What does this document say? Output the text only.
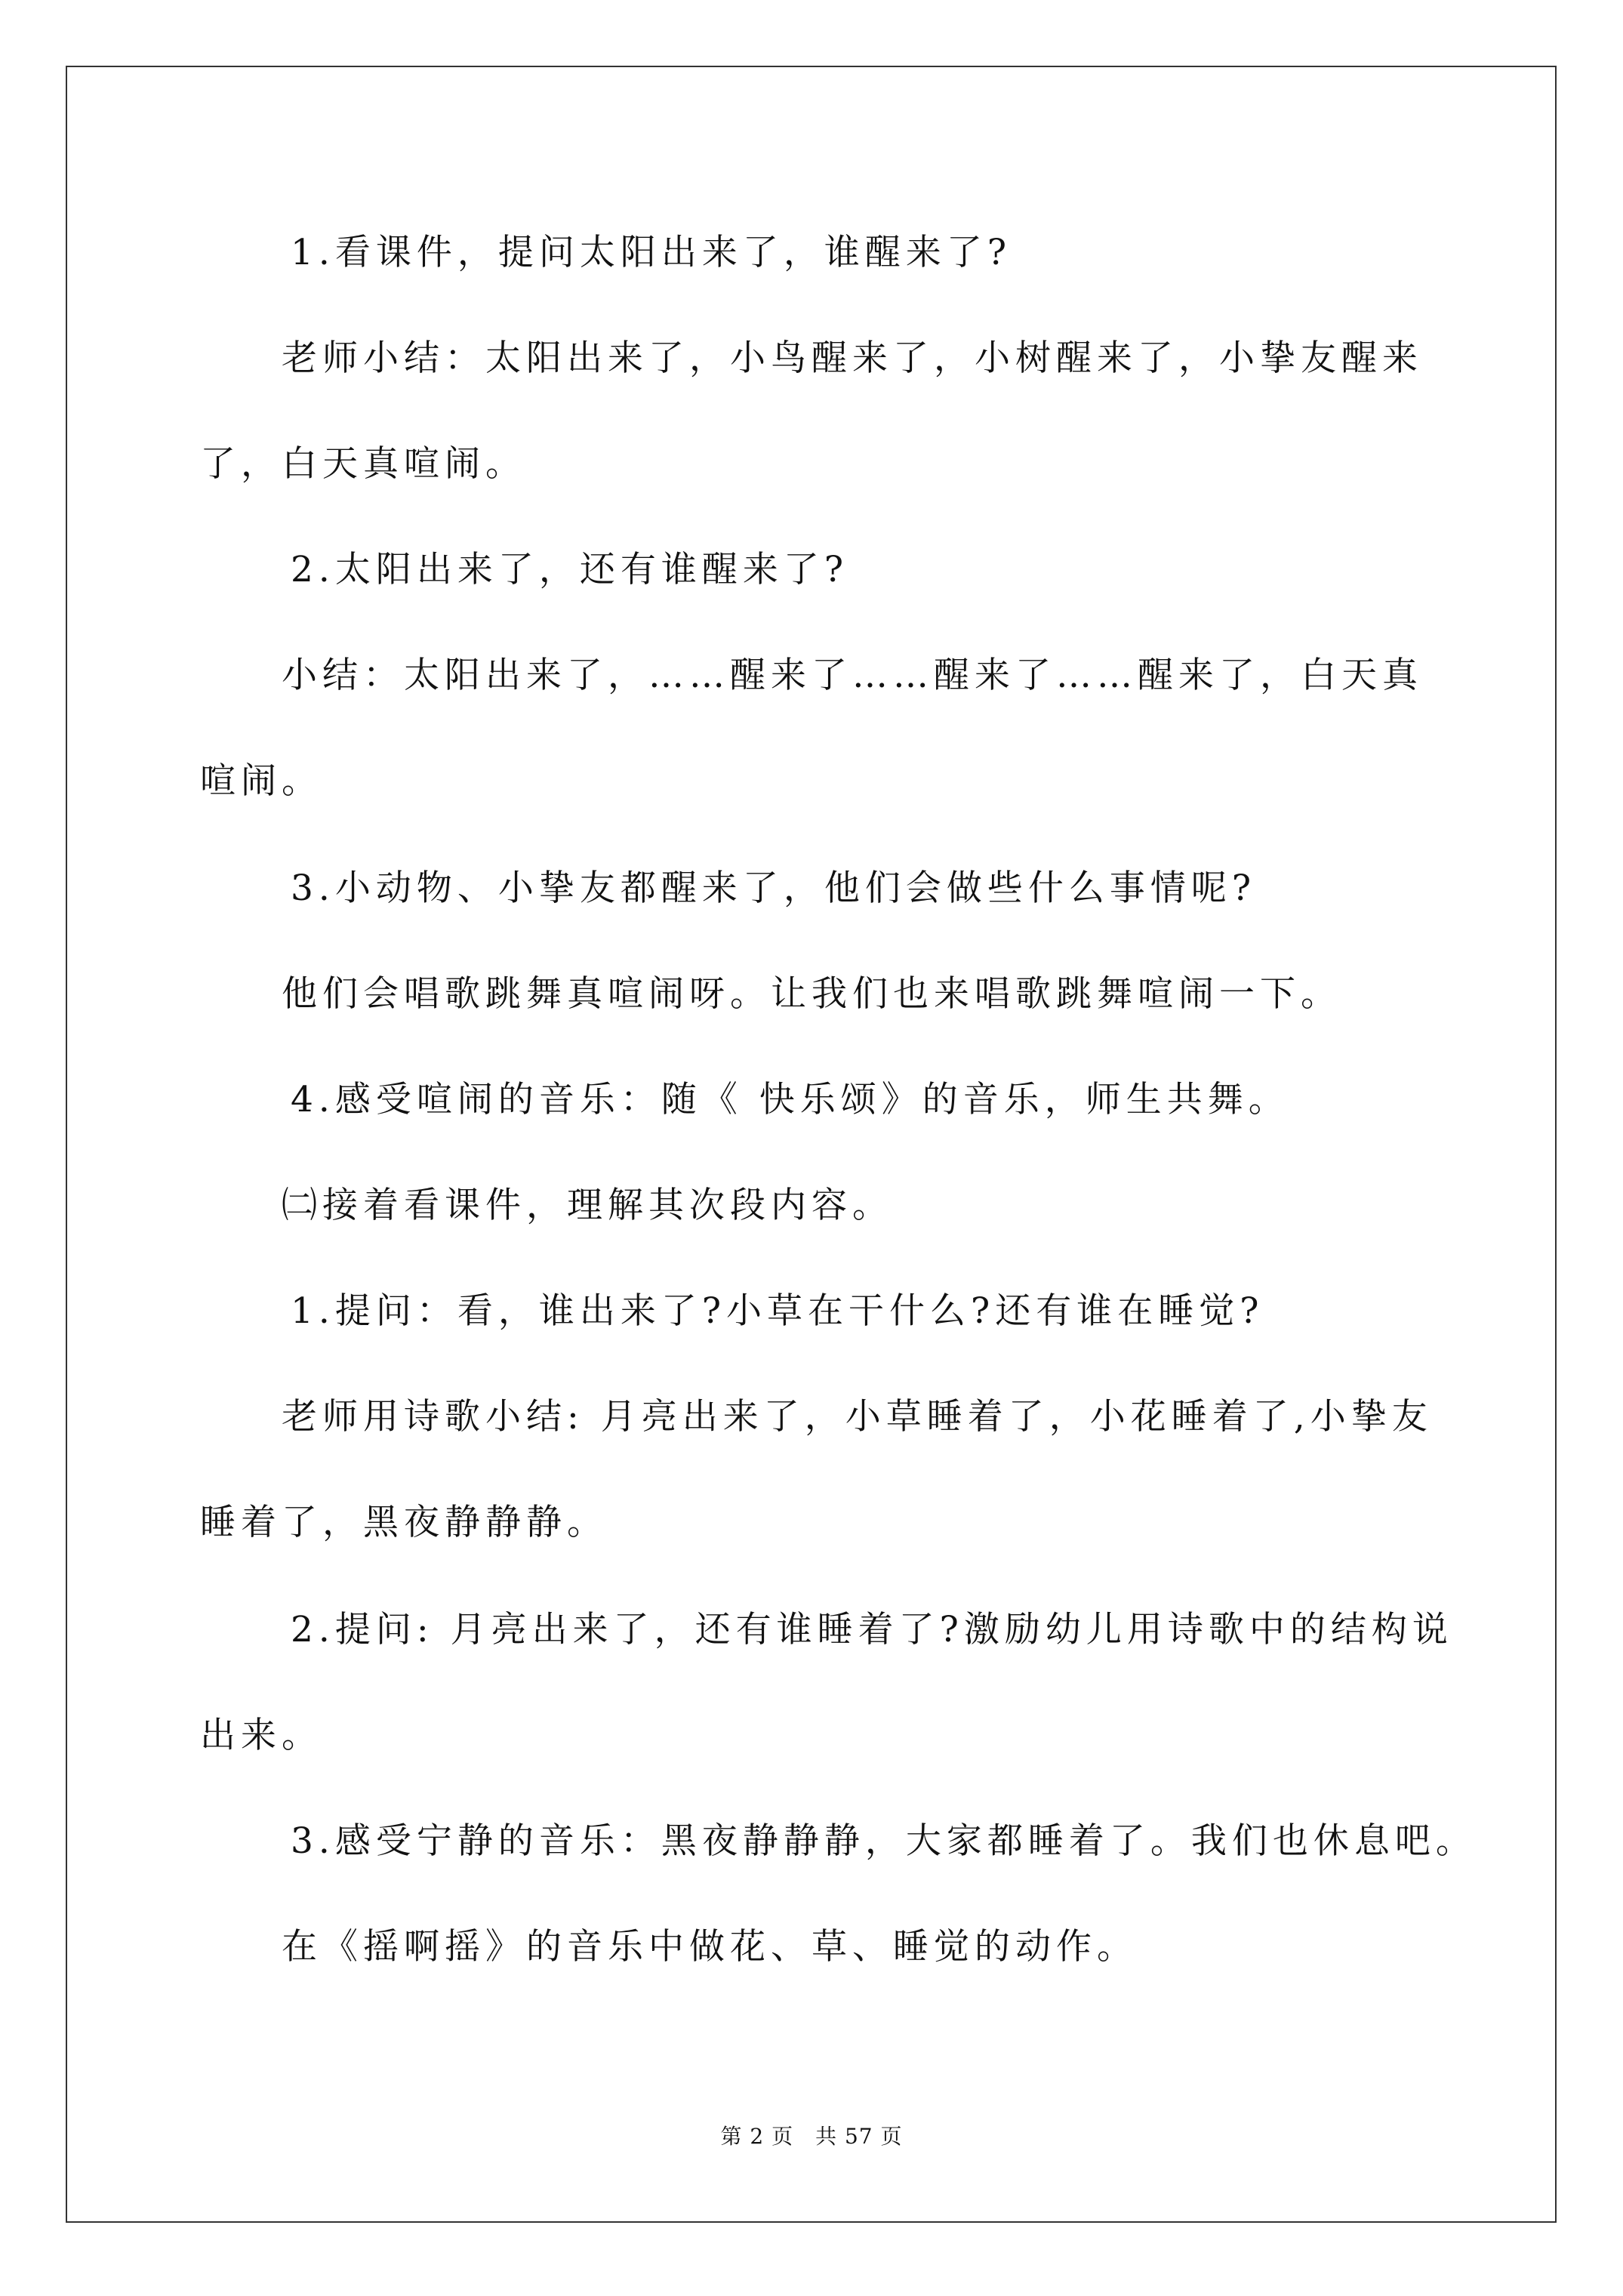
1.看课件，提问太阳出来了，谁醒来了?
老师小结：太阳出来了，小鸟醒来了，小树醒来了，小挚友醒来
了，白天真喧闹。
2.太阳出来了，还有谁醒来了?
小结：太阳出来了，……醒来了……醒来了……醒来了，白天真
喧闹。
3.小动物、小挚友都醒来了，他们会做些什么事情呢?
他们会唱歌跳舞真喧闹呀。让我们也来唱歌跳舞喧闹一下。
4.感受喧闹的音乐：随《 快乐颂》的音乐，师生共舞。
㈡接着看课件，理解其次段内容。
1.提问：看，谁出来了?小草在干什么?还有谁在睡觉?
老师用诗歌小结: 月亮出来了，小草睡着了，小花睡着了,小挚友
睡着了，黑夜静静静。
2.提问: 月亮出来了，还有谁睡着了?激励幼儿用诗歌中的结构说
出来。
3.感受宁静的音乐：黑夜静静静，大家都睡着了。我们也休息吧。
在《摇啊摇》的音乐中做花、草、睡觉的动作。
第 2 页　共 57 页
